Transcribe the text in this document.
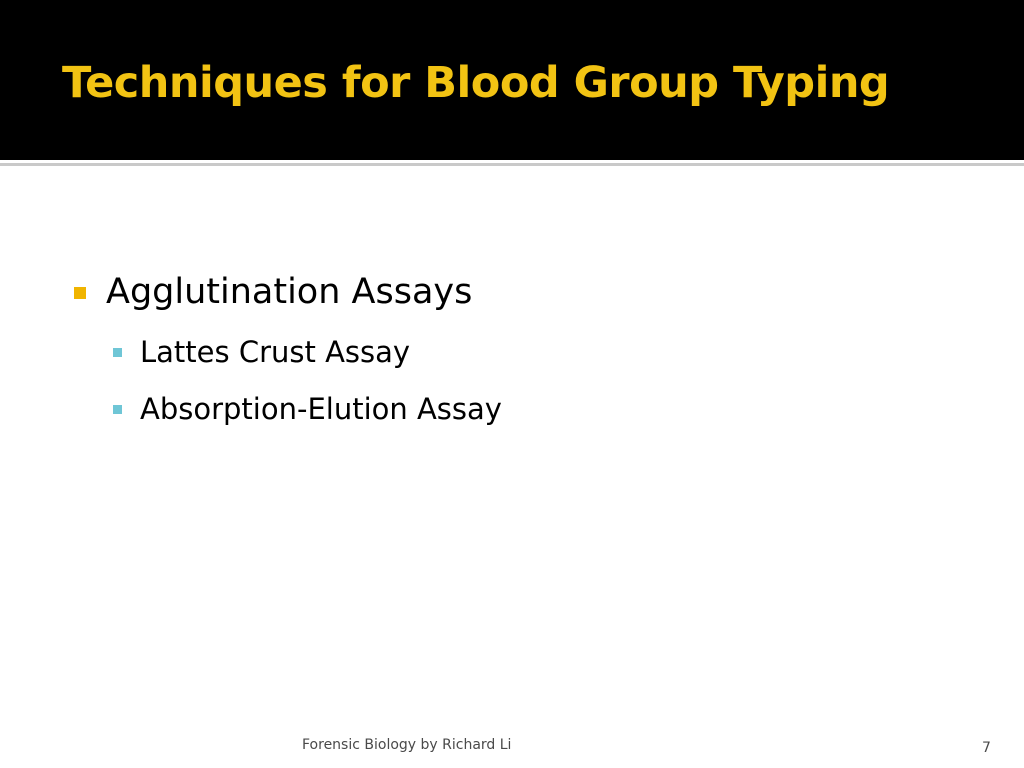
Techniques for Blood Group Typing
Agglutination Assays
Lattes Crust Assay
Absorption-Elution Assay
Forensic Biology by Richard Li	7
